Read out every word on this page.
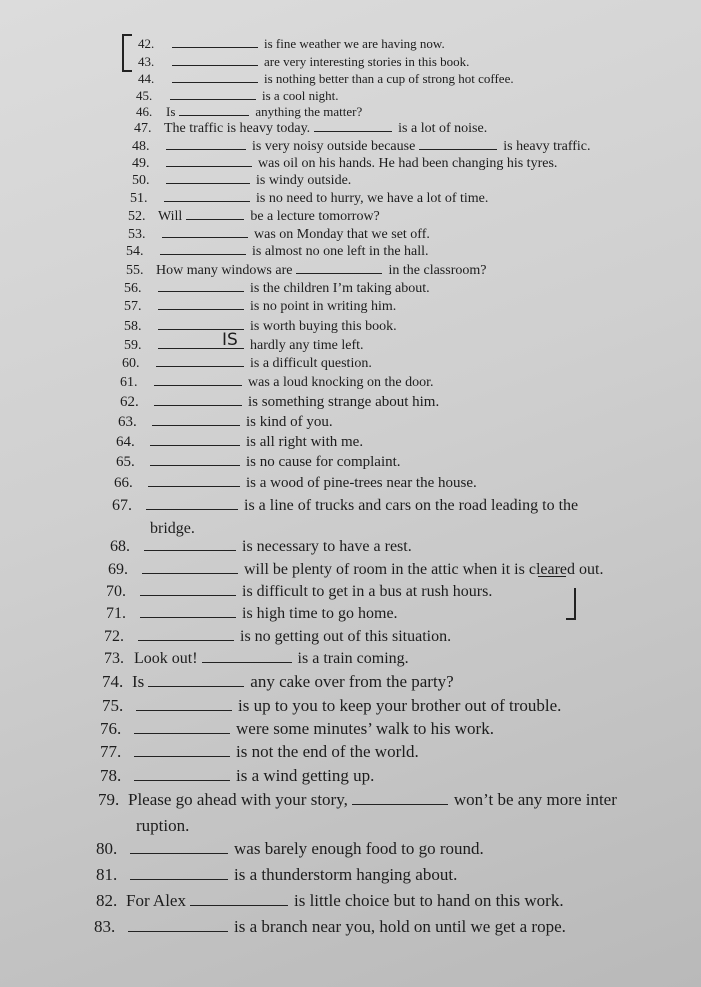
42.	is fine weather we are having now.
43.	are very interesting stories in this book.
44.	is nothing better than a cup of strong hot coffee.
45.	is a cool night.
46. Is	anything the matter?
47. The traffic is heavy today.	is a lot of noise.
48.	is very noisy outside because	is heavy traffic.
49.	was oil on his hands. He had been changing his tyres.
50.	is windy outside.
51.	is no need to hurry, we have a lot of time.
52. Will	be a lecture tomorrow?
53.	was on Monday that we set off.
54.	is almost no one left in the hall.
55. How many windows are	in the classroom?
56.	is the children I’m taking about.
57.	is no point in writing him.
58.	is worth buying this book.
59.	IS hardly any time left.
60.	is a difficult question.
61.	was a loud knocking on the door.
62.	is something strange about him.
63.	is kind of you.
64.	is all right with me.
65.	is no cause for complaint.
66.	is a wood of pine-trees near the house.
67.	is a line of trucks and cars on the road leading to the
bridge.
68.	is necessary to have a rest.
69.	will be plenty of room in the attic when it is cleared out.
70.	is difficult to get in a bus at rush hours.
71.	is high time to go home.
72.	is no getting out of this situation.
73. Look out!	is a train coming.
74. Is	any cake over from the party?
75.	is up to you to keep your brother out of trouble.
76.	were some minutes’ walk to his work.
77.	is not the end of the world.
78.	is a wind getting up.
79. Please go ahead with your story,	won’t be any more inter
ruption.
80.	was barely enough food to go round.
81.	is a thunderstorm hanging about.
82. For Alex	is little choice but to hand on this work.
83.	is a branch near you, hold on until we get a rope.
